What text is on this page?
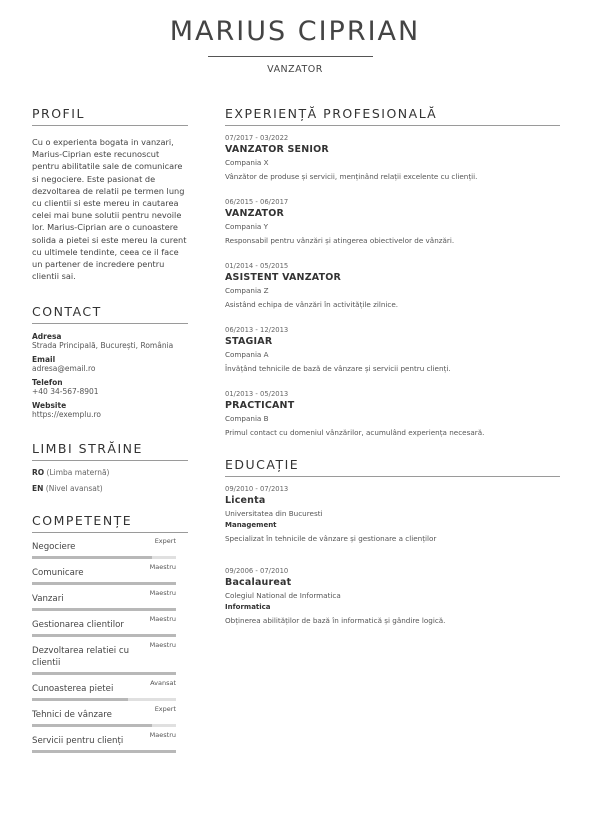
MARIUS CIPRIAN
VANZATOR
PROFIL
Cu o experienta bogata in vanzari, Marius-Ciprian este recunoscut pentru abilitatile sale de comunicare si negociere. Este pasionat de dezvoltarea de relatii pe termen lung cu clientii si este mereu in cautarea celei mai bune solutii pentru nevoile lor. Marius-Ciprian are o cunoastere solida a pietei si este mereu la curent cu ultimele tendinte, ceea ce il face un partener de incredere pentru clientii sai.
CONTACT
Adresa
Strada Principală, București, România
Email
adresa@email.ro
Telefon
+40 34-567-8901
Website
https://exemplu.ro
LIMBI STRĂINE
RO (Limba maternă)
EN (Nivel avansat)
COMPETENȚE
Negociere
Expert
Comunicare
Maestru
Vanzari
Maestru
Gestionarea clientilor
Maestru
Dezvoltarea relatiei cu clientii
Maestru
Cunoasterea pietei
Avansat
Tehnici de vânzare
Expert
Servicii pentru clienți
Maestru
EXPERIENȚĂ PROFESIONALĂ
07/2017 - 03/2022
VANZATOR SENIOR
Compania X
Vânzător de produse și servicii, menținând relații excelente cu clienții.
06/2015 - 06/2017
VANZATOR
Compania Y
Responsabil pentru vânzări și atingerea obiectivelor de vânzări.
01/2014 - 05/2015
ASISTENT VANZATOR
Compania Z
Asistând echipa de vânzări în activitățile zilnice.
06/2013 - 12/2013
STAGIAR
Compania A
Învățând tehnicile de bază de vânzare și servicii pentru clienți.
01/2013 - 05/2013
PRACTICANT
Compania B
Primul contact cu domeniul vânzărilor, acumulând experiența necesară.
EDUCAȚIE
09/2010 - 07/2013
Licenta
Universitatea din Bucuresti
Management
Specializat în tehnicile de vânzare și gestionare a clienților
09/2006 - 07/2010
Bacalaureat
Colegiul National de Informatica
Informatica
Obținerea abilităților de bază în informatică și gândire logică.
